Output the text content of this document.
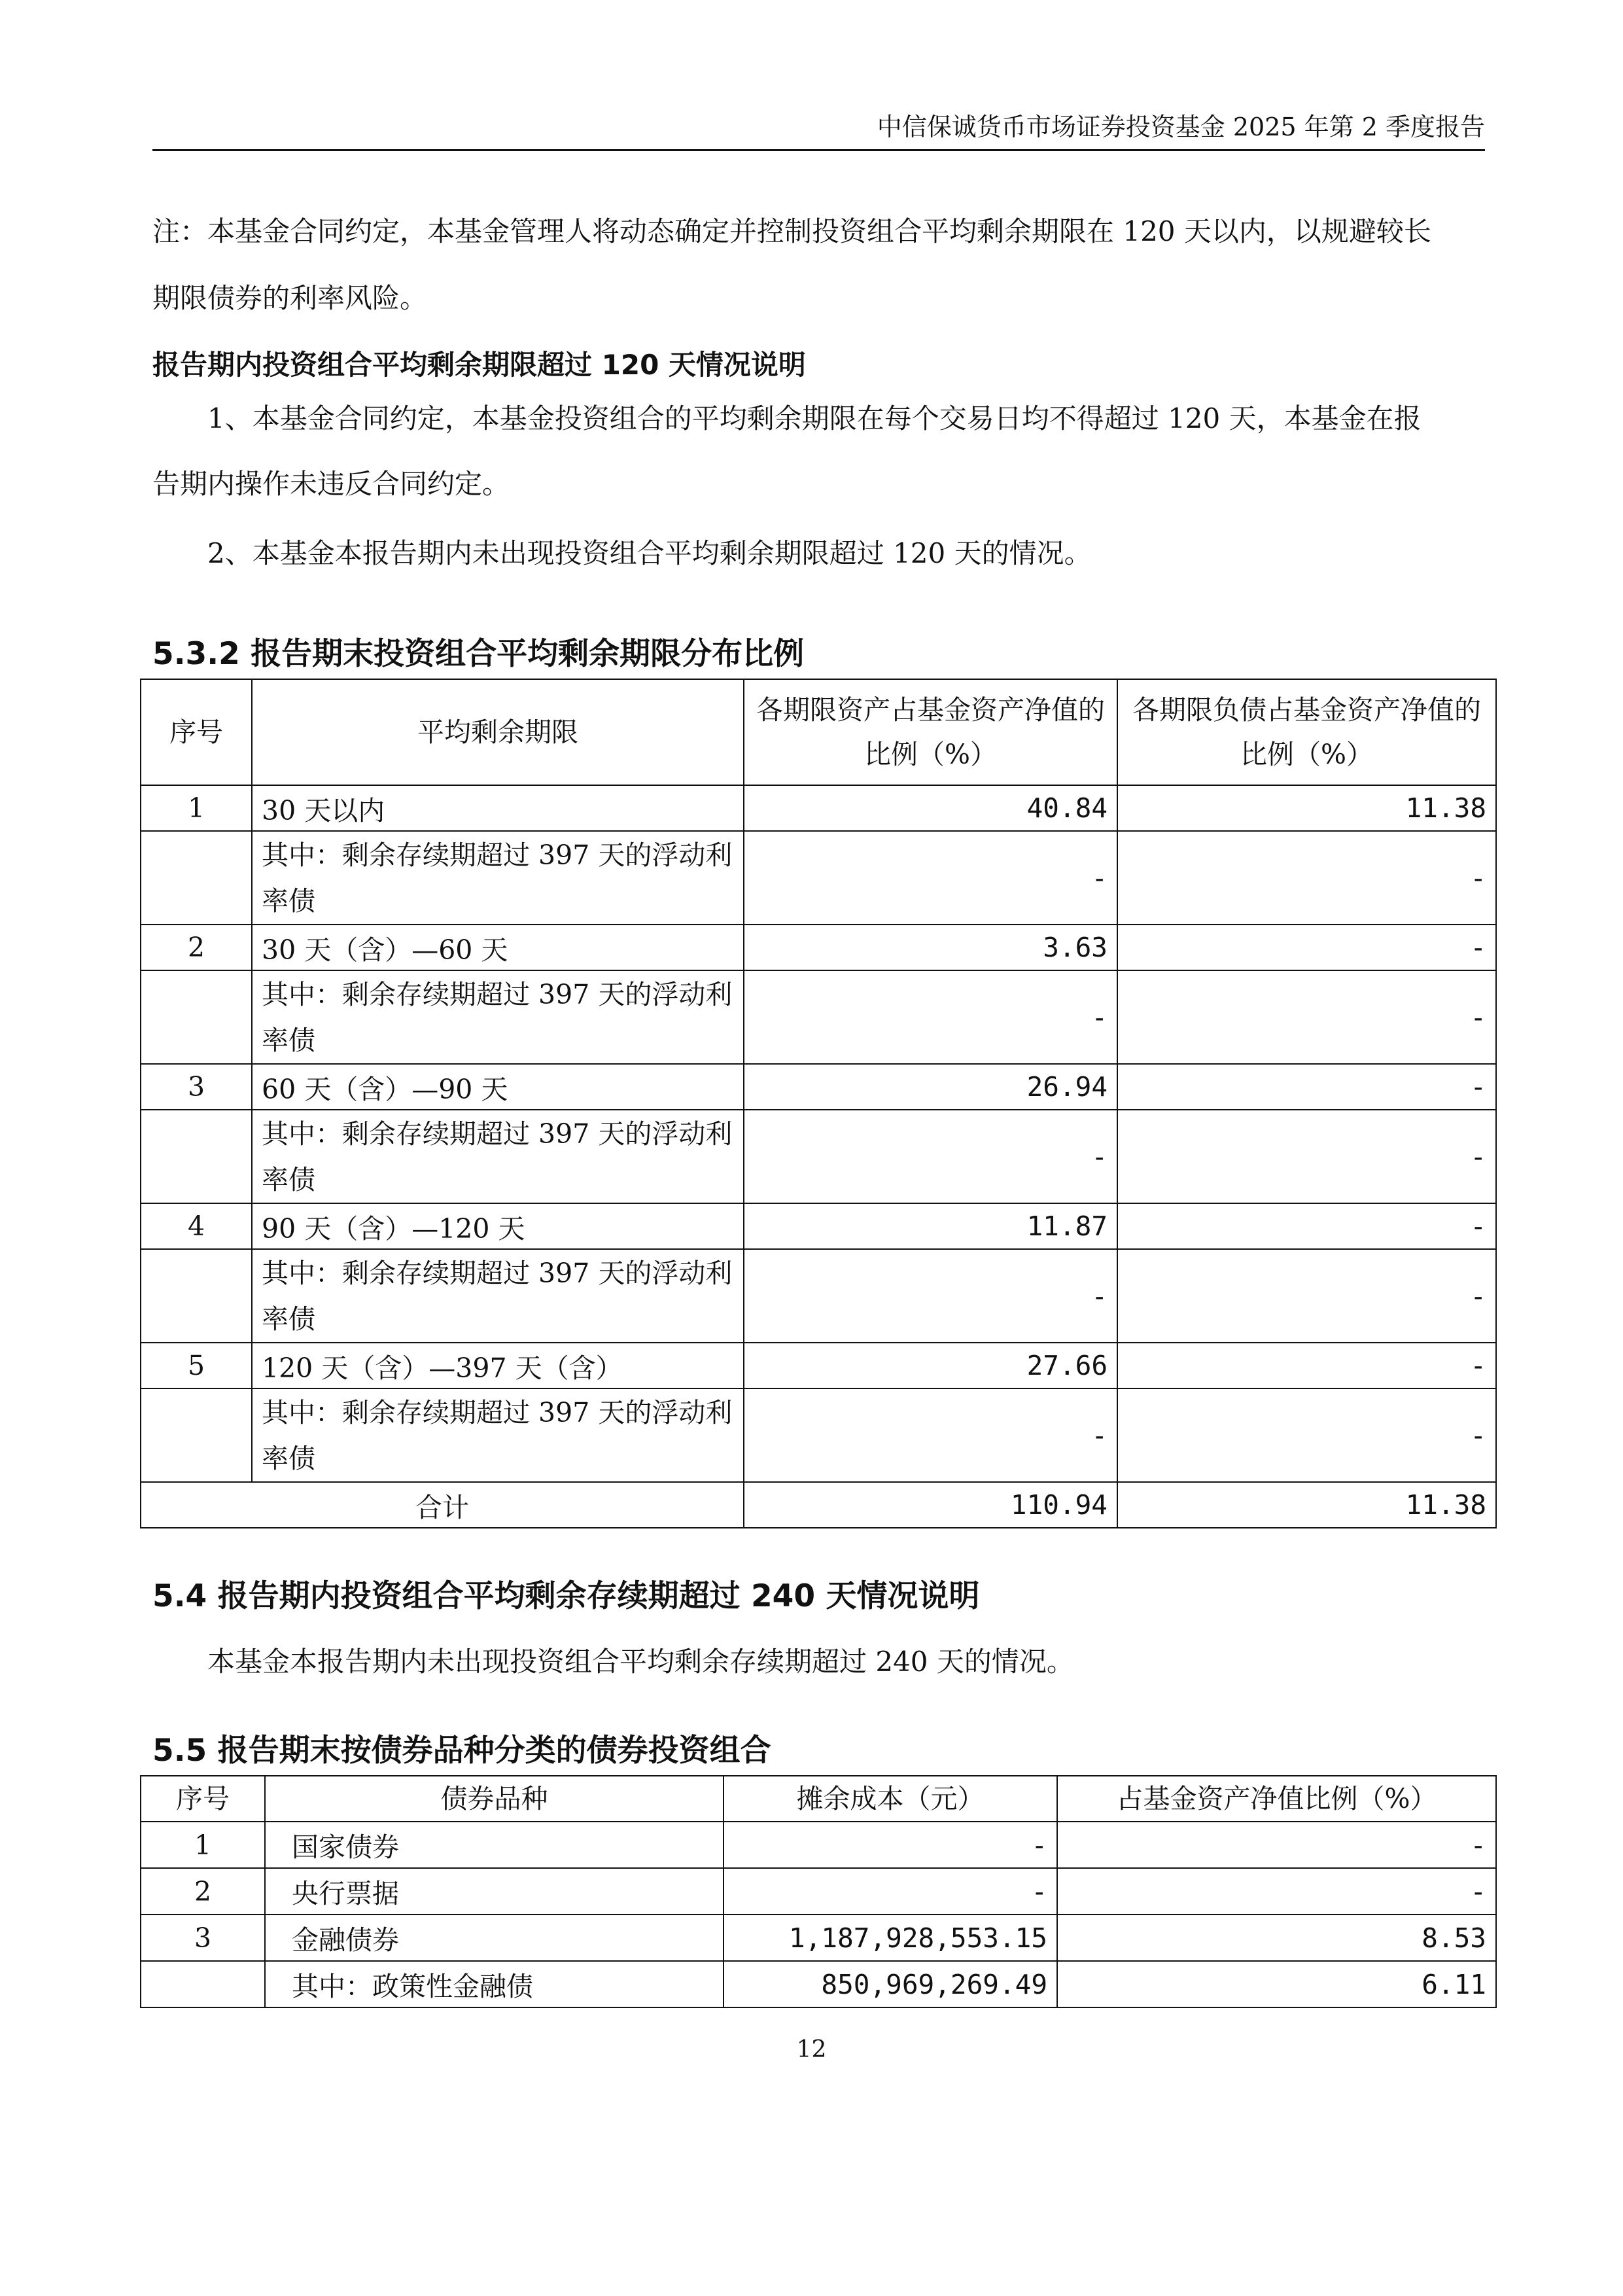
中信保诚货币市场证券投资基金 2025 年第 2 季度报告
注：本基金合同约定，本基金管理人将动态确定并控制投资组合平均剩余期限在 120 天以内，以规避较长
期限债券的利率风险。
报告期内投资组合平均剩余期限超过 120 天情况说明
1、本基金合同约定，本基金投资组合的平均剩余期限在每个交易日均不得超过 120 天，本基金在报
告期内操作未违反合同约定。
2、本基金本报告期内未出现投资组合平均剩余期限超过 120 天的情况。
5.3.2 报告期末投资组合平均剩余期限分布比例
序号	平均剩余期限	各期限资产占基金资产净值的比例（%）	各期限负债占基金资产净值的比例（%）
1	30 天以内	40.84	11.38
	其中：剩余存续期超过 397 天的浮动利率债	-	-
2	30 天（含）—60 天	3.63	-
	其中：剩余存续期超过 397 天的浮动利率债	-	-
3	60 天（含）—90 天	26.94	-
	其中：剩余存续期超过 397 天的浮动利率债	-	-
4	90 天（含）—120 天	11.87	-
	其中：剩余存续期超过 397 天的浮动利率债	-	-
5	120 天（含）—397 天（含）	27.66	-
	其中：剩余存续期超过 397 天的浮动利率债	-	-
合计		110.94	11.38
5.4 报告期内投资组合平均剩余存续期超过 240 天情况说明
本基金本报告期内未出现投资组合平均剩余存续期超过 240 天的情况。
5.5 报告期末按债券品种分类的债券投资组合
序号	债券品种	摊余成本（元）	占基金资产净值比例（%）
1	国家债券	-	-
2	央行票据	-	-
3	金融债券	1,187,928,553.15	8.53
	其中：政策性金融债	850,969,269.49	6.11
12
